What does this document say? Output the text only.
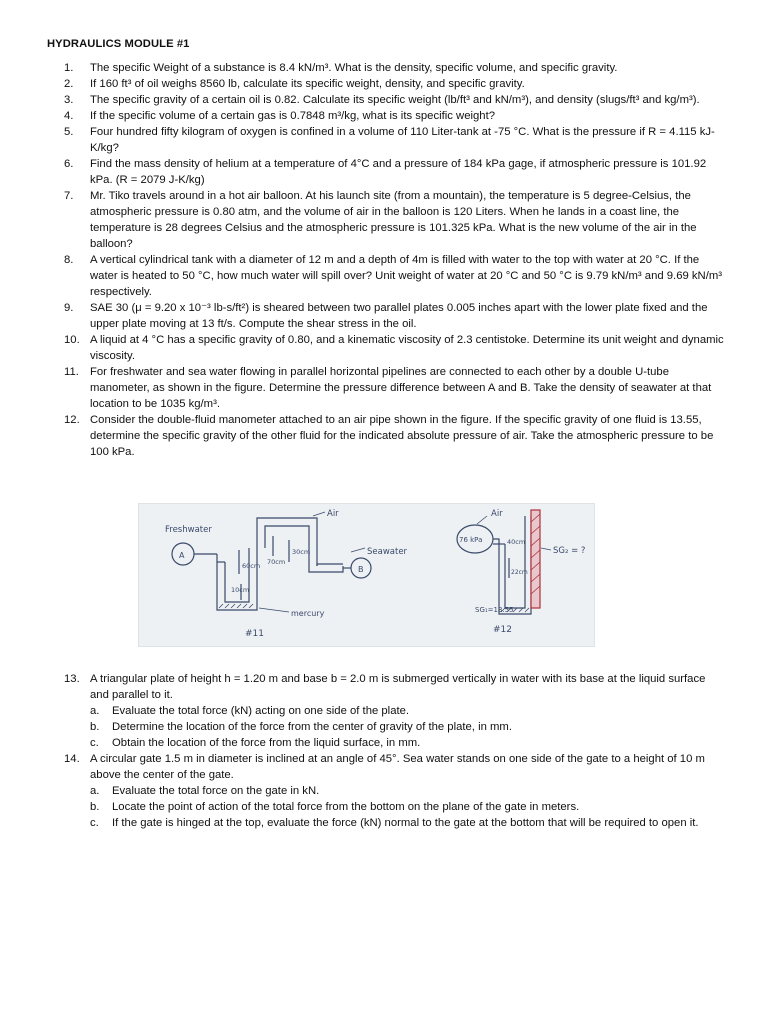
HYDRAULICS MODULE #1
1.	The specific Weight of a substance is 8.4 kN/m³. What is the density, specific volume, and specific gravity.
2.	If 160 ft³ of oil weighs 8560 lb, calculate its specific weight, density, and specific gravity.
3.	The specific gravity of a certain oil is 0.82. Calculate its specific weight (lb/ft³ and kN/m³), and density (slugs/ft³ and kg/m³).
4.	If the specific volume of a certain gas is 0.7848 m³/kg, what is its specific weight?
5.	Four hundred fifty kilogram of oxygen is confined in a volume of 110 Liter-tank at -75 °C. What is the pressure if R = 4.115 kJ-K/kg?
6.	Find the mass density of helium at a temperature of 4°C and a pressure of 184 kPa gage, if atmospheric pressure is 101.92 kPa. (R = 2079 J-K/kg)
7.	Mr. Tiko travels around in a hot air balloon. At his launch site (from a mountain), the temperature is 5 degree-Celsius, the atmospheric pressure is 0.80 atm, and the volume of air in the balloon is 120 Liters. When he lands in a coast line, the temperature is 28 degrees Celsius and the atmospheric pressure is 101.325 kPa. What is the new volume of the air in the balloon?
8.	A vertical cylindrical tank with a diameter of 12 m and a depth of 4m is filled with water to the top with water at 20 °C. If the water is heated to 50 °C, how much water will spill over? Unit weight of water at 20 °C and 50 °C is 9.79 kN/m³ and 9.69 kN/m³ respectively.
9.	SAE 30 (μ = 9.20 x 10⁻³ lb-s/ft²) is sheared between two parallel plates 0.005 inches apart with the lower plate fixed and the upper plate moving at 13 ft/s. Compute the shear stress in the oil.
10. A liquid at 4 °C has a specific gravity of 0.80, and a kinematic viscosity of 2.3 centistoke. Determine its unit weight and dynamic viscosity.
11. For freshwater and sea water flowing in parallel horizontal pipelines are connected to each other by a double U-tube manometer, as shown in the figure. Determine the pressure difference between A and B. Take the density of seawater at that location to be 1035 kg/m³.
12. Consider the double-fluid manometer attached to an air pipe shown in the figure. If the specific gravity of one fluid is 13.55, determine the specific gravity of the other fluid for the indicated absolute pressure of air. Take the atmospheric pressure to be 100 kPa.
Freshwater
A
Air
Seawater
B
30cm
70cm
60cm
10cm
mercury
#11
Air
76 kPa	40cm
22cm
SG₂ = ?
SG₁=13.55
#12
13. A triangular plate of height h = 1.20 m and base b = 2.0 m is submerged vertically in water with its base at the liquid surface and parallel to it.
a.	Evaluate the total force (kN) acting on one side of the plate.
b.	Determine the location of the force from the center of gravity of the plate, in mm.
c.	Obtain the location of the force from the liquid surface, in mm.
14. A circular gate 1.5 m in diameter is inclined at an angle of 45°. Sea water stands on one side of the gate to a height of 10 m above the center of the gate.
a.	Evaluate the total force on the gate in kN.
b.	Locate the point of action of the total force from the bottom on the plane of the gate in meters.
c.	If the gate is hinged at the top, evaluate the force (kN) normal to the gate at the bottom that will be required to open it.
